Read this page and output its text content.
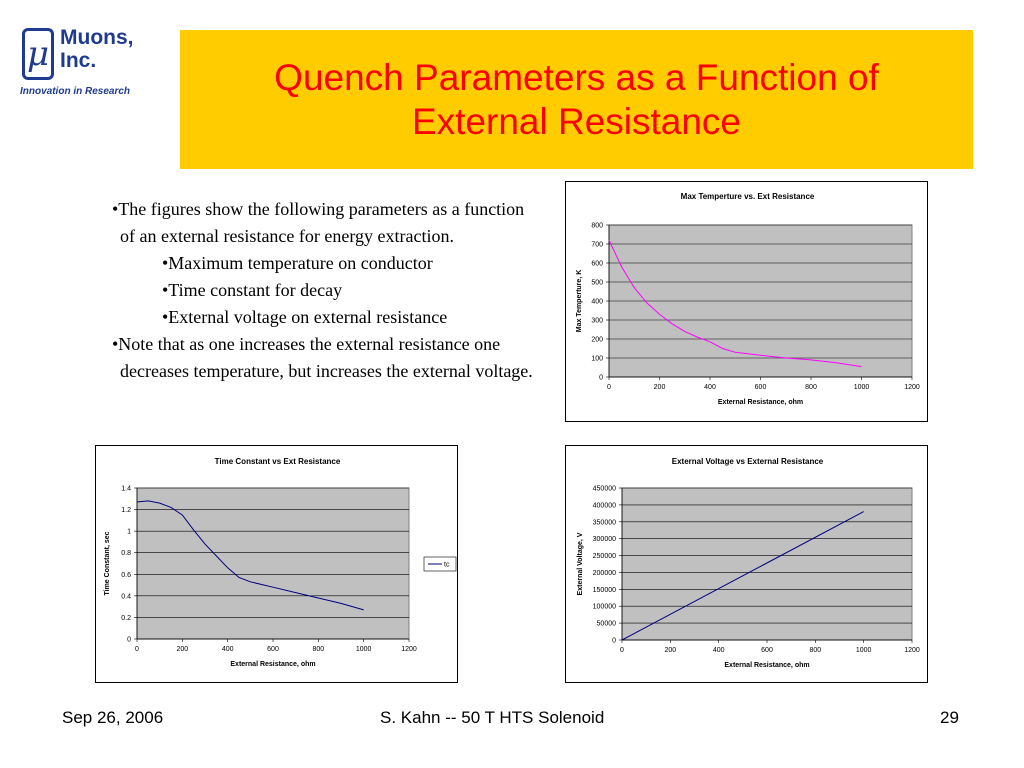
μ Muons,
Inc.
Innovation in Research	Quench Parameters as a Function of External Resistance
•The figures show the following parameters as a function of an external resistance for energy extraction.
•Maximum temperature on conductor
•Time constant for decay
•External voltage on external resistance
•Note that as one increases the external resistance one decreases temperature, but increases the external voltage.
Max Temperture vs. Ext Resistance
0
100
200
300
400
500
600
700
800
0	200	400	600	800	1000	1200
External Resistance, ohm
Max Temperture, K
Time Constant vs Ext Resistance
0
0.2
0.4
0.6
0.8
1
1.2
1.4
0	200	400	600	800	1000	1200
External Resistance, ohm
Time Constant, sec	tc
External Voltage vs External Resistance
0
50000
100000
150000
200000
250000
300000
350000
400000
450000
0	200	400	600	800	1000	1200
External Resistance, ohm
External Voltage, V
Sep 26, 2006	S. Kahn -- 50 T HTS Solenoid	29
